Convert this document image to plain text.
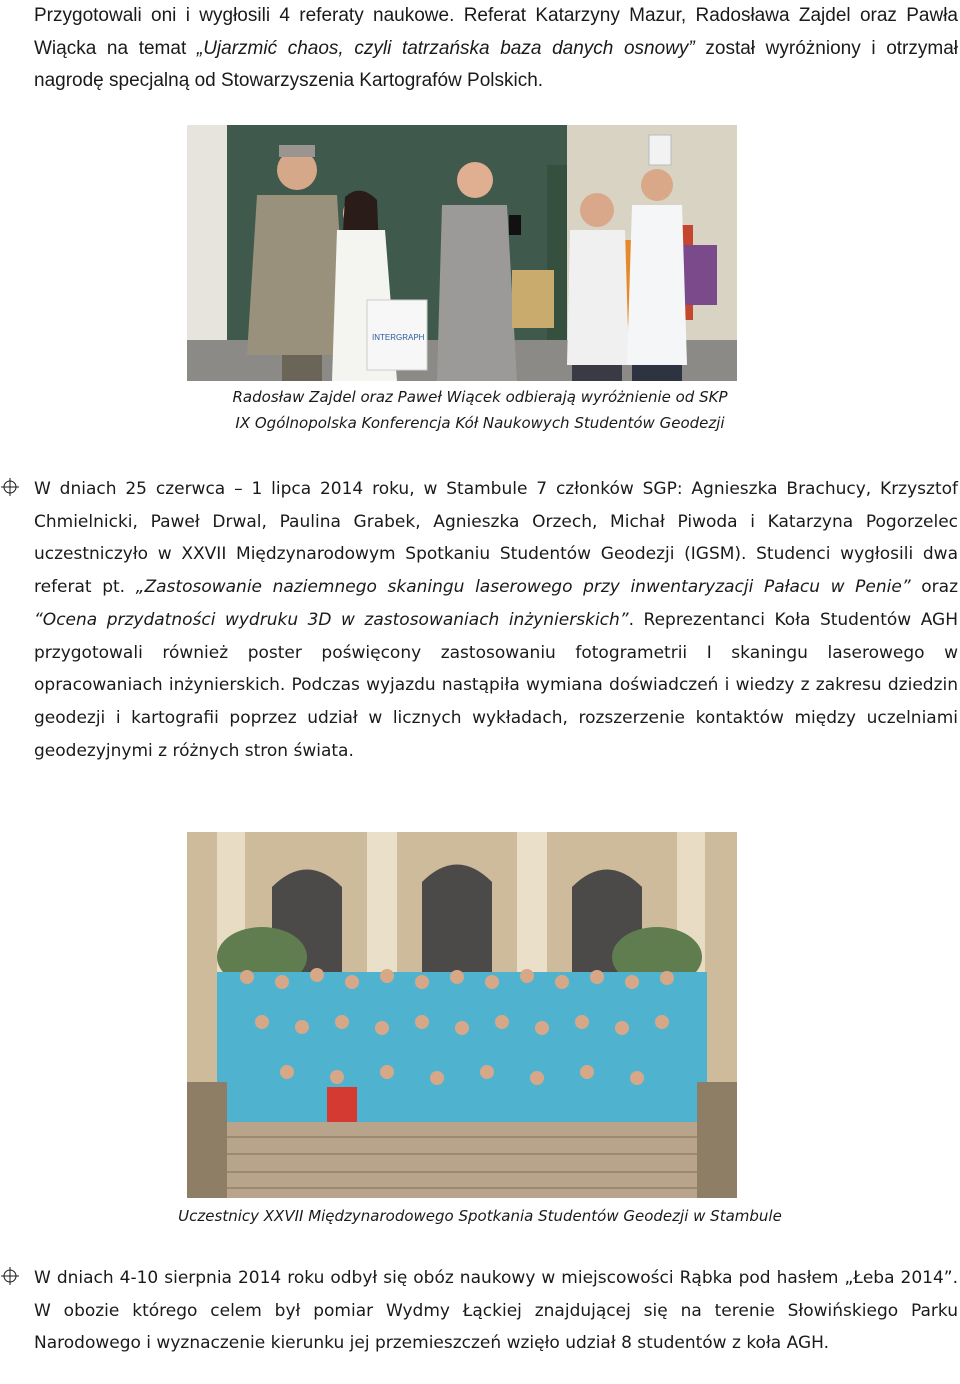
Przygotowali oni i wygłosili 4 referaty naukowe. Referat Katarzyny Mazur, Radosława Zajdel oraz Pawła Wiącka na temat „Ujarzmić chaos, czyli tatrzańska baza danych osnowy” został wyróżniony i otrzymał nagrodę specjalną od Stowarzyszenia Kartografów Polskich.

INTERGRAPH
Radosław Zajdel oraz Paweł Wiącek odbierają wyróżnienie od SKP
IX Ogólnopolska Konferencja Kół Naukowych Studentów Geodezji

W dniach 25 czerwca – 1 lipca 2014 roku, w Stambule 7 członków SGP: Agnieszka Brachucy, Krzysztof Chmielnicki, Paweł Drwal, Paulina Grabek, Agnieszka Orzech, Michał Piwoda i Katarzyna Pogorzelec uczestniczyło w XXVII Międzynarodowym Spotkaniu Studentów Geodezji (IGSM). Studenci wygłosili dwa referat pt. „Zastosowanie naziemnego skaningu laserowego przy inwentaryzacji Pałacu w Penie” oraz “Ocena przydatności wydruku 3D w zastosowaniach inżynierskich”. Reprezentanci Koła Studentów AGH przygotowali również poster poświęcony zastosowaniu fotogrametrii I skaningu laserowego w opracowaniach inżynierskich. Podczas wyjazdu nastąpiła wymiana doświadczeń i wiedzy z zakresu dziedzin geodezji i kartografii poprzez udział w licznych wykładach, rozszerzenie kontaktów między uczelniami geodezyjnymi z różnych stron świata.

Uczestnicy XXVII Międzynarodowego Spotkania Studentów Geodezji w Stambule

W dniach 4-10 sierpnia 2014 roku odbył się obóz naukowy w miejscowości Rąbka pod hasłem „Łeba 2014”. W obozie którego celem był pomiar Wydmy Łąckiej znajdującej się na terenie Słowińskiego Parku Narodowego i wyznaczenie kierunku jej przemieszczeń wzięło udział 8 studentów z koła AGH.
